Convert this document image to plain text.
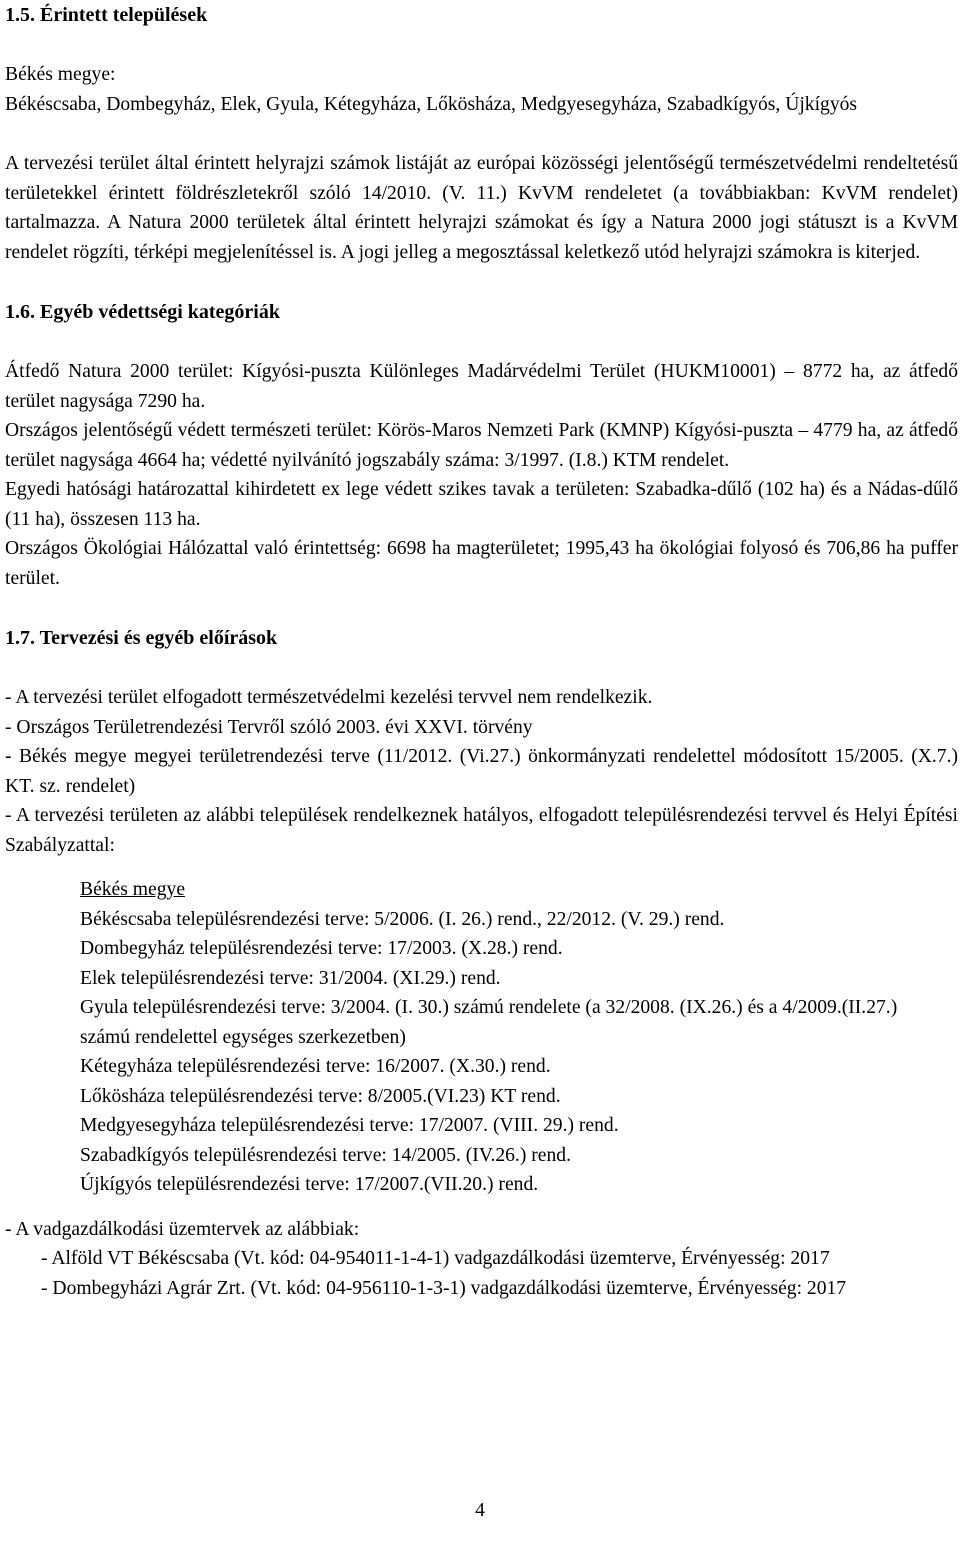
1.5. Érintett települések

Békés megye:

Békéscsaba, Dombegyház, Elek, Gyula, Kétegyháza, Lőkösháza, Medgyesegyháza, Szabadkígyós, Újkígyós

A tervezési terület által érintett helyrajzi számok listáját az európai közösségi jelentőségű természetvédelmi rendeltetésű területekkel érintett földrészletekről szóló 14/2010. (V. 11.) KvVM rendeletet (a továbbiakban: KvVM rendelet) tartalmazza. A Natura 2000 területek által érintett helyrajzi számokat és így a Natura 2000 jogi státuszt is a KvVM rendelet rögzíti, térképi megjelenítéssel is. A jogi jelleg a megosztással keletkező utód helyrajzi számokra is kiterjed.

1.6. Egyéb védettségi kategóriák

Átfedő Natura 2000 terület: Kígyósi-puszta Különleges Madárvédelmi Terület (HUKM10001) – 8772 ha, az átfedő terület nagysága 7290 ha.

Országos jelentőségű védett természeti terület: Körös-Maros Nemzeti Park (KMNP) Kígyósi-puszta – 4779 ha, az átfedő terület nagysága 4664 ha; védetté nyilvánító jogszabály száma: 3/1997. (I.8.) KTM rendelet.

Egyedi hatósági határozattal kihirdetett ex lege védett szikes tavak a területen: Szabadka-dűlő (102 ha) és a Nádas-dűlő (11 ha), összesen 113 ha.

Országos Ökológiai Hálózattal való érintettség: 6698 ha magterületet; 1995,43 ha ökológiai folyosó és 706,86 ha puffer terület.

1.7. Tervezési és egyéb előírások

- A tervezési terület elfogadott természetvédelmi kezelési tervvel nem rendelkezik.

- Országos Területrendezési Tervről szóló 2003. évi XXVI. törvény

- Békés megye megyei területrendezési terve (11/2012. (Vi.27.) önkormányzati rendelettel módosított 15/2005. (X.7.) KT. sz. rendelet)

- A tervezési területen az alábbi települések rendelkeznek hatályos, elfogadott településrendezési tervvel és Helyi Építési Szabályzattal:

Békés megye

Békéscsaba településrendezési terve: 5/2006. (I. 26.) rend., 22/2012. (V. 29.) rend.

Dombegyház településrendezési terve: 17/2003. (X.28.) rend.

Elek településrendezési terve: 31/2004. (XI.29.) rend.

Gyula településrendezési terve: 3/2004. (I. 30.) számú rendelete (a 32/2008. (IX.26.) és a 4/2009.(II.27.) számú rendelettel egységes szerkezetben)

Kétegyháza településrendezési terve: 16/2007. (X.30.) rend.

Lőkösháza településrendezési terve: 8/2005.(VI.23) KT rend.

Medgyesegyháza településrendezési terve: 17/2007. (VIII. 29.) rend.

Szabadkígyós településrendezési terve: 14/2005. (IV.26.) rend.

Újkígyós településrendezési terve: 17/2007.(VII.20.) rend.

- A vadgazdálkodási üzemtervek az alábbiak:

- Alföld VT Békéscsaba (Vt. kód: 04-954011-1-4-1) vadgazdálkodási üzemterve, Érvényesség: 2017

- Dombegyházi Agrár Zrt. (Vt. kód: 04-956110-1-3-1) vadgazdálkodási üzemterve, Érvényesség: 2017

4
